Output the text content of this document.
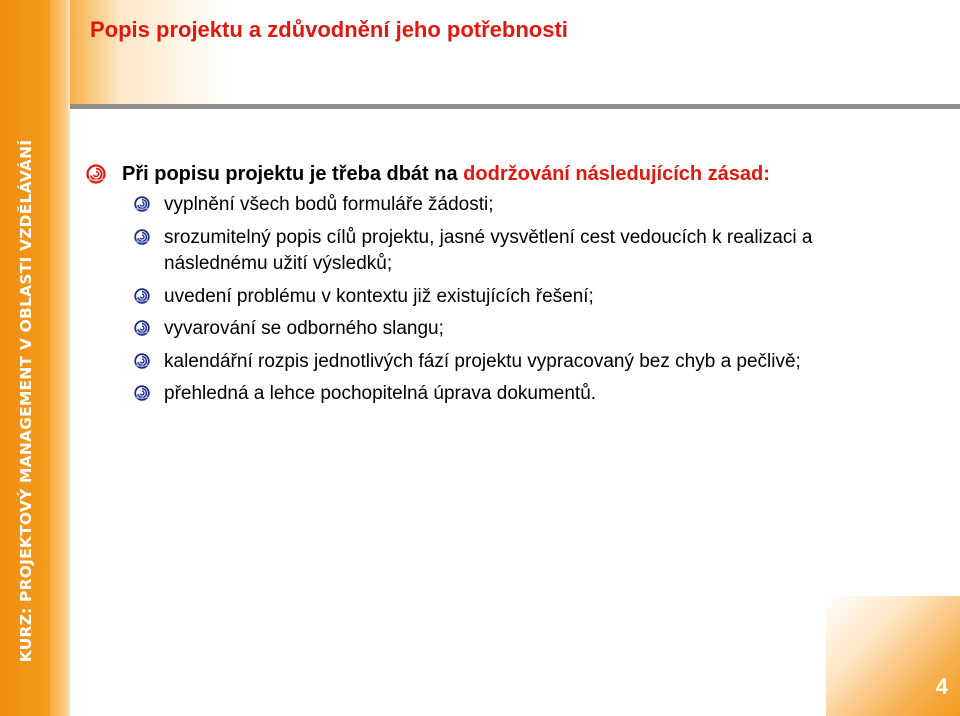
Popis projektu a zdůvodnění jeho potřebnosti
KURZ: PROJEKTOVÝ MANAGEMENT V OBLASTI VZDĚLÁVÁNÍ	Při popisu projektu je třeba dbát na dodržování následujících zásad:

vyplnění všech bodů formuláře žádosti;
srozumitelný popis cílů projektu, jasné vysvětlení cest vedoucích k realizaci a následnému užití výsledků;
uvedení problému v kontextu již existujících řešení;
vyvarování se odborného slangu;
kalendářní rozpis jednotlivých fází projektu vypracovaný bez chyb a pečlivě;
přehledná a lehce pochopitelná úprava dokumentů.
4
